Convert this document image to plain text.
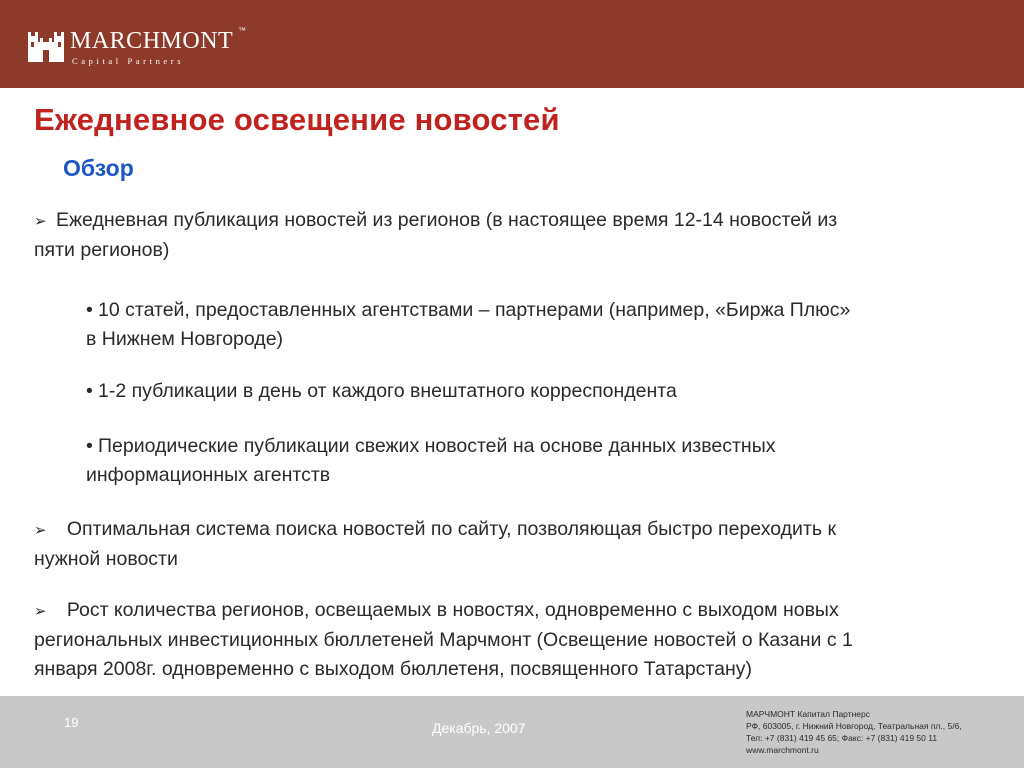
MARCHMONT ™
Capital Partners
Ежедневное освещение новостей
Обзор
➢ Ежедневная публикация новостей из регионов (в настоящее время 12-14 новостей из
пяти регионов)
• 10 статей, предоставленных агентствами – партнерами (например, «Биржа Плюс»
в Нижнем Новгороде)
• 1-2 публикации в день от каждого внештатного корреспондента
• Периодические публикации свежих новостей на основе данных известных
информационных агентств
➢ Оптимальная система поиска новостей по сайту, позволяющая быстро переходить к
нужной новости
➢ Рост количества регионов, освещаемых в новостях, одновременно с выходом новых
региональных инвестиционных бюллетеней Марчмонт (Освещение новостей о Казани с 1
января 2008г. одновременно с выходом бюллетеня, посвященного Татарстану)
19	Декабрь, 2007
МАРЧМОНТ Капитал Партнерс
РФ, 603005, г. Нижний Новгород, Театральная пл., 5/6,
Тел: +7 (831) 419 45 65; Факс: +7 (831) 419 50 11
www.marchmont.ru
